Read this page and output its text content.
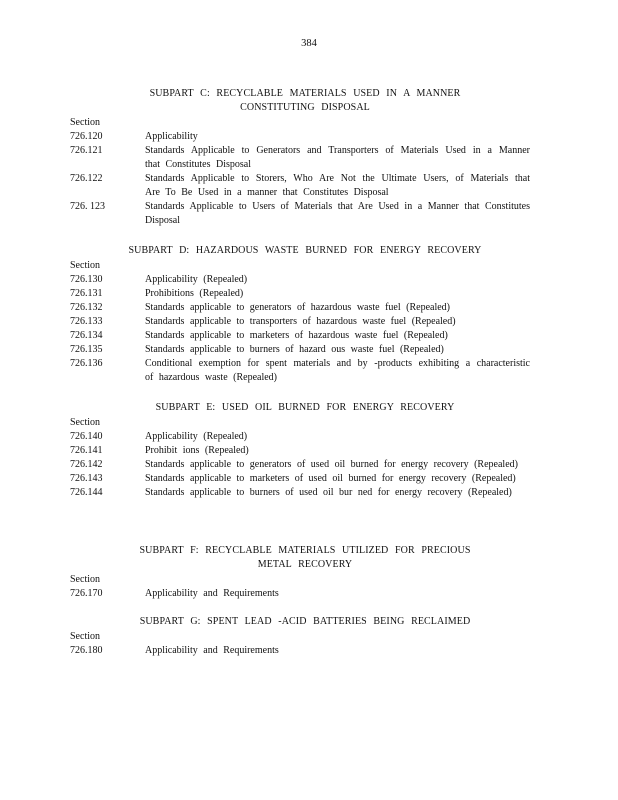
384

SUBPART C: RECYCLABLE MATERIALS USED IN A MANNER
CONSTITUTING DISPOSAL

Section

726.120	Applicability
726.121	Standards Applicable to Generators and Transporters of Materials Used in a Manner that Constitutes Disposal
726.122	Standards Applicable to Storers, Who Are Not the Ultimate Users, of Materials that Are To Be Used in a manner that Constitutes Disposal
726. 123	Standards Applicable to Users of Materials that Are Used in a Manner that Constitutes Disposal

SUBPART D: HAZARDOUS WASTE BURNED FOR ENERGY RECOVERY

Section

726.130	Applicability (Repealed)
726.131	Prohibitions (Repealed)
726.132	Standards applicable to generators of hazardous waste fuel (Repealed)
726.133	Standards applicable to transporters of hazardous waste fuel (Repealed)
726.134	Standards applicable to marketers of hazardous waste fuel (Repealed)
726.135	Standards applicable to burners of hazard ous waste fuel (Repealed)
726.136	Conditional exemption for spent materials and by -products exhibiting a characteristic of hazardous waste (Repealed)

SUBPART E: USED OIL BURNED FOR ENERGY RECOVERY

Section

726.140	Applicability (Repealed)
726.141	Prohibit ions (Repealed)
726.142	Standards applicable to generators of used oil burned for energy recovery (Repealed)
726.143	Standards applicable to marketers of used oil burned for energy recovery (Repealed)
726.144	Standards applicable to burners of used oil bur ned for energy recovery (Repealed)

SUBPART F: RECYCLABLE MATERIALS UTILIZED FOR PRECIOUS
METAL RECOVERY

Section

726.170	Applicability and Requirements

SUBPART G: SPENT LEAD -ACID BATTERIES BEING RECLAIMED

Section

726.180	Applicability and Requirements
